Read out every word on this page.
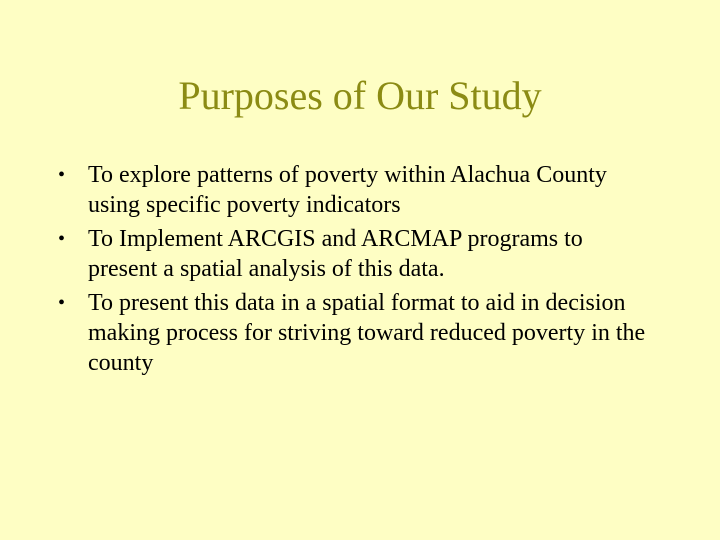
Purposes of Our Study
• To explore patterns of poverty within Alachua County using specific poverty indicators
• To Implement ARCGIS and ARCMAP programs to present a spatial analysis of this data.
• To present this data in a spatial format to aid in decision making process for striving toward reduced poverty in the county
